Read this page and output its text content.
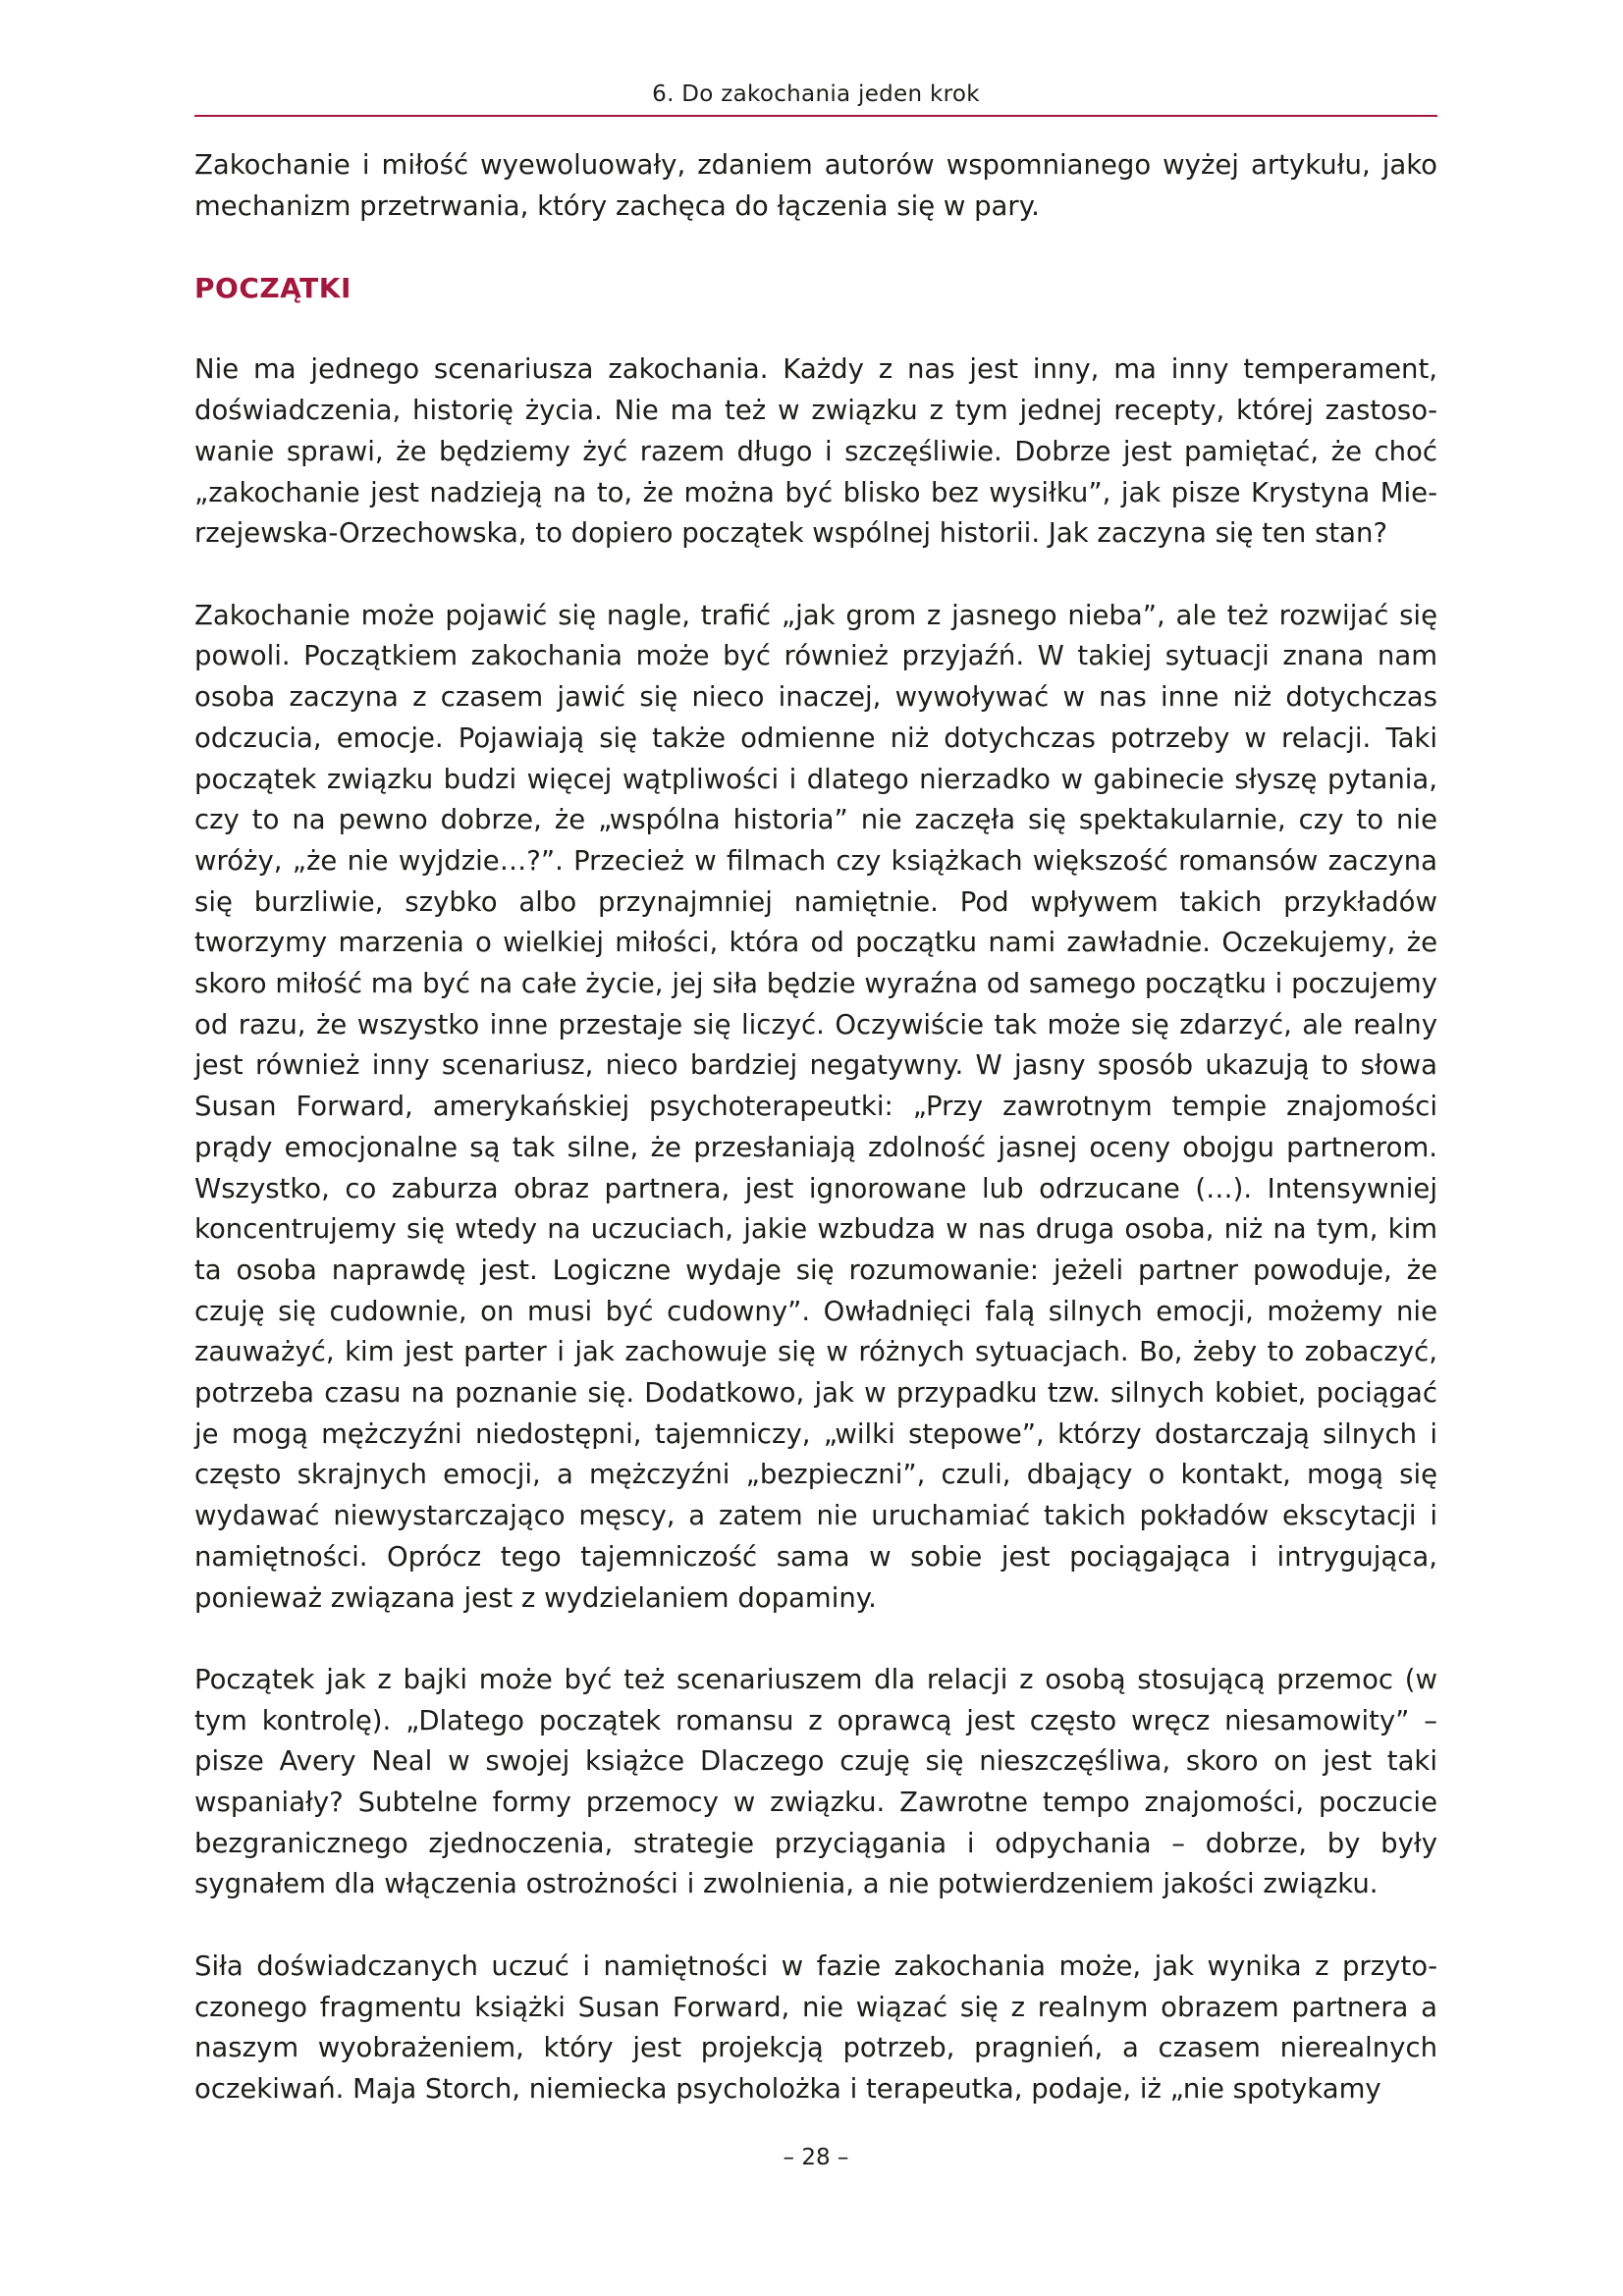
6. Do zakochania jeden krok

Zakochanie i miłość wyewoluowały, zdaniem autorów wspomnianego wyżej artykułu, jako mechanizm przetrwania, który zachęca do łączenia się w pary.

POCZĄTKI

Nie ma jednego scenariusza zakochania. Każdy z nas jest inny, ma inny temperament, doświadczenia, historię życia. Nie ma też w związku z tym jednej recepty, której zastosowanie sprawi, że będziemy żyć razem długo i szczęśliwie. Dobrze jest pamiętać, że choć „zakochanie jest nadzieją na to, że można być blisko bez wysiłku”, jak pisze Krystyna Mierzejewska-Orzechowska, to dopiero początek wspólnej historii. Jak zaczyna się ten stan?

Zakochanie może pojawić się nagle, trafić „jak grom z jasnego nieba”, ale też rozwijać się powoli. Początkiem zakochania może być również przyjaźń. W takiej sytuacji znana nam osoba zaczyna z czasem jawić się nieco inaczej, wywoływać w nas inne niż dotychczas odczucia, emocje. Pojawiają się także odmienne niż dotychczas potrzeby w relacji. Taki początek związku budzi więcej wątpliwości i dlatego nierzadko w gabinecie słyszę pytania, czy to na pewno dobrze, że „wspólna historia” nie zaczęła się spektakularnie, czy to nie wróży, „że nie wyjdzie…?”. Przecież w filmach czy książkach większość romansów zaczyna się burzliwie, szybko albo przynajmniej namiętnie. Pod wpływem takich przykładów tworzymy marzenia o wielkiej miłości, która od początku nami zawładnie. Oczekujemy, że skoro miłość ma być na całe życie, jej siła będzie wyraźna od samego początku i poczujemy od razu, że wszystko inne przestaje się liczyć. Oczywiście tak może się zdarzyć, ale realny jest również inny scenariusz, nieco bardziej negatywny. W jasny sposób ukazują to słowa Susan Forward, amerykańskiej psychoterapeutki: „Przy zawrotnym tempie znajomości prądy emocjonalne są tak silne, że przesłaniają zdolność jasnej oceny obojgu partnerom. Wszystko, co zaburza obraz partnera, jest ignorowane lub odrzucane (…). Intensywniej koncentrujemy się wtedy na uczuciach, jakie wzbudza w nas druga osoba, niż na tym, kim ta osoba naprawdę jest. Logiczne wydaje się rozumowanie: jeżeli partner powoduje, że czuję się cudownie, on musi być cudowny”. Owładnięci falą silnych emocji, możemy nie zauważyć, kim jest parter i jak zachowuje się w różnych sytuacjach. Bo, żeby to zobaczyć, potrzeba czasu na poznanie się. Dodatkowo, jak w przypadku tzw. silnych kobiet, pociągać je mogą mężczyźni niedostępni, tajemniczy, „wilki stepowe”, którzy dostarczają silnych i często skrajnych emocji, a mężczyźni „bezpieczni”, czuli, dbający o kontakt, mogą się wydawać niewystarczająco męscy, a zatem nie uruchamiać takich pokładów ekscytacji i namiętności. Oprócz tego tajemniczość sama w sobie jest pociągająca i intrygująca, ponieważ związana jest z wydzielaniem dopaminy.

Początek jak z bajki może być też scenariuszem dla relacji z osobą stosującą przemoc (w tym kontrolę). „Dlatego początek romansu z oprawcą jest często wręcz niesamowity” – pisze Avery Neal w swojej książce Dlaczego czuję się nieszczęśliwa, skoro on jest taki wspaniały? Subtelne formy przemocy w związku. Zawrotne tempo znajomości, poczucie bezgranicznego zjednoczenia, strategie przyciągania i odpychania – dobrze, by były sygnałem dla włączenia ostrożności i zwolnienia, a nie potwierdzeniem jakości związku.

Siła doświadczanych uczuć i namiętności w fazie zakochania może, jak wynika z przytoczonego fragmentu książki Susan Forward, nie wiązać się z realnym obrazem partnera a naszym wyobrażeniem, który jest projekcją potrzeb, pragnień, a czasem nierealnych oczekiwań. Maja Storch, niemiecka psycholożka i terapeutka, podaje, iż „nie spotykamy

– 28 –
